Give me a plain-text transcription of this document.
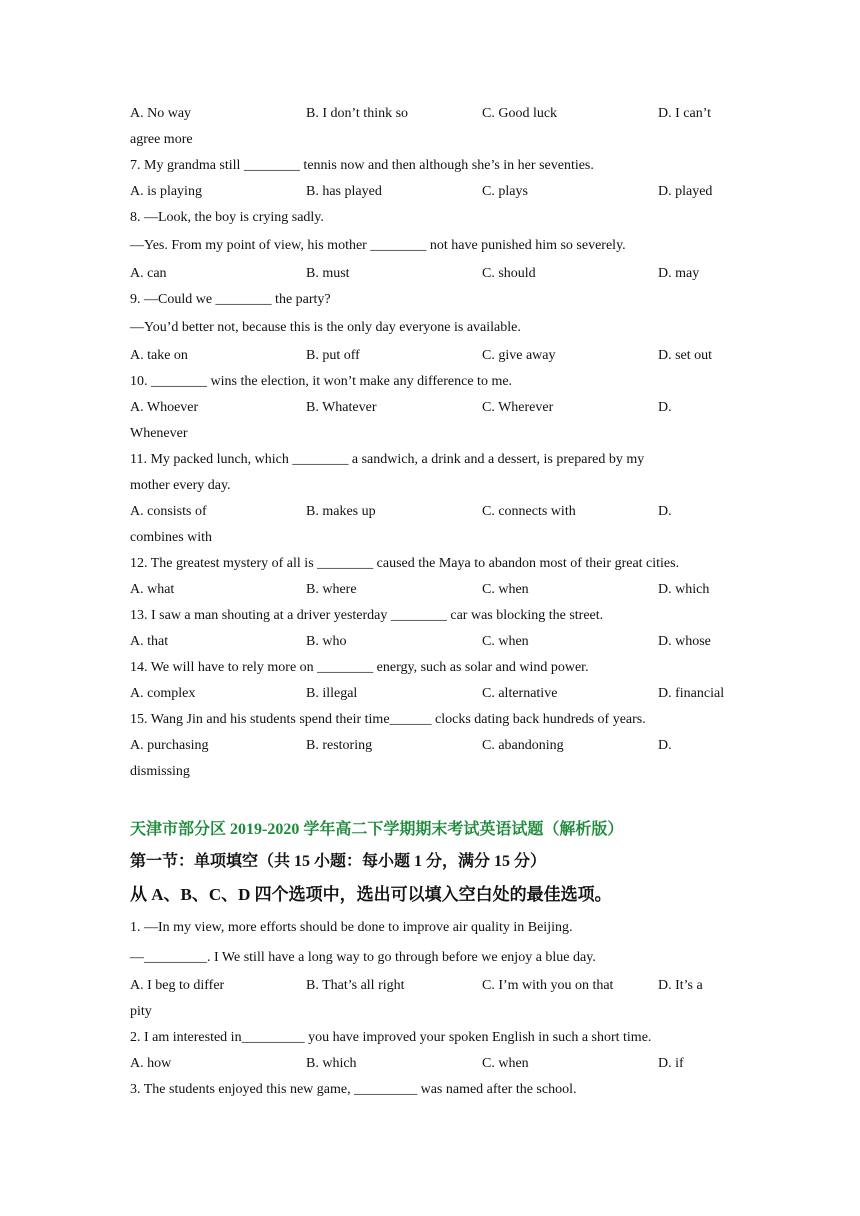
A. No way	B. I don’t think so	C. Good luck	D. I can’t
agree more
7. My grandma still ________ tennis now and then although she’s in her seventies.
A. is playing	B. has played	C. plays	D. played
8. —Look, the boy is crying sadly.
—Yes. From my point of view, his mother ________ not have punished him so severely.
A. can	B. must	C. should	D. may
9. —Could we ________ the party?
—You’d better not, because this is the only day everyone is available.
A. take on	B. put off	C. give away	D. set out
10. ________ wins the election, it won’t make any difference to me.
A. Whoever	B. Whatever	C. Wherever	D.
Whenever
11. My packed lunch, which ________ a sandwich, a drink and a dessert, is prepared by my
mother every day.
A. consists of	B. makes up	C. connects with	D.
combines with
12. The greatest mystery of all is ________ caused the Maya to abandon most of their great cities.
A. what	B. where	C. when	D. which
13. I saw a man shouting at a driver yesterday ________ car was blocking the street.
A. that	B. who	C. when	D. whose
14. We will have to rely more on ________ energy, such as solar and wind power.
A. complex	B. illegal	C. alternative	D. financial
15. Wang Jin and his students spend their time______ clocks dating back hundreds of years.
A. purchasing	B. restoring	C. abandoning	D.
dismissing
天津市部分区 2019-2020 学年高二下学期期末考试英语试题（解析版）
第一节：单项填空（共 15 小题：每小题 1 分，满分 15 分）
从 A、B、C、D 四个选项中，选出可以填入空白处的最佳选项。
1. —In my view, more efforts should be done to improve air quality in Beijing.
—_________. I We still have a long way to go through before we enjoy a blue day.
A. I beg to differ	B. That’s all right	C. I’m with you on that	D. It’s a
pity
2. I am interested in_________ you have improved your spoken English in such a short time.
A. how	B. which	C. when	D. if
3. The students enjoyed this new game, _________ was named after the school.
